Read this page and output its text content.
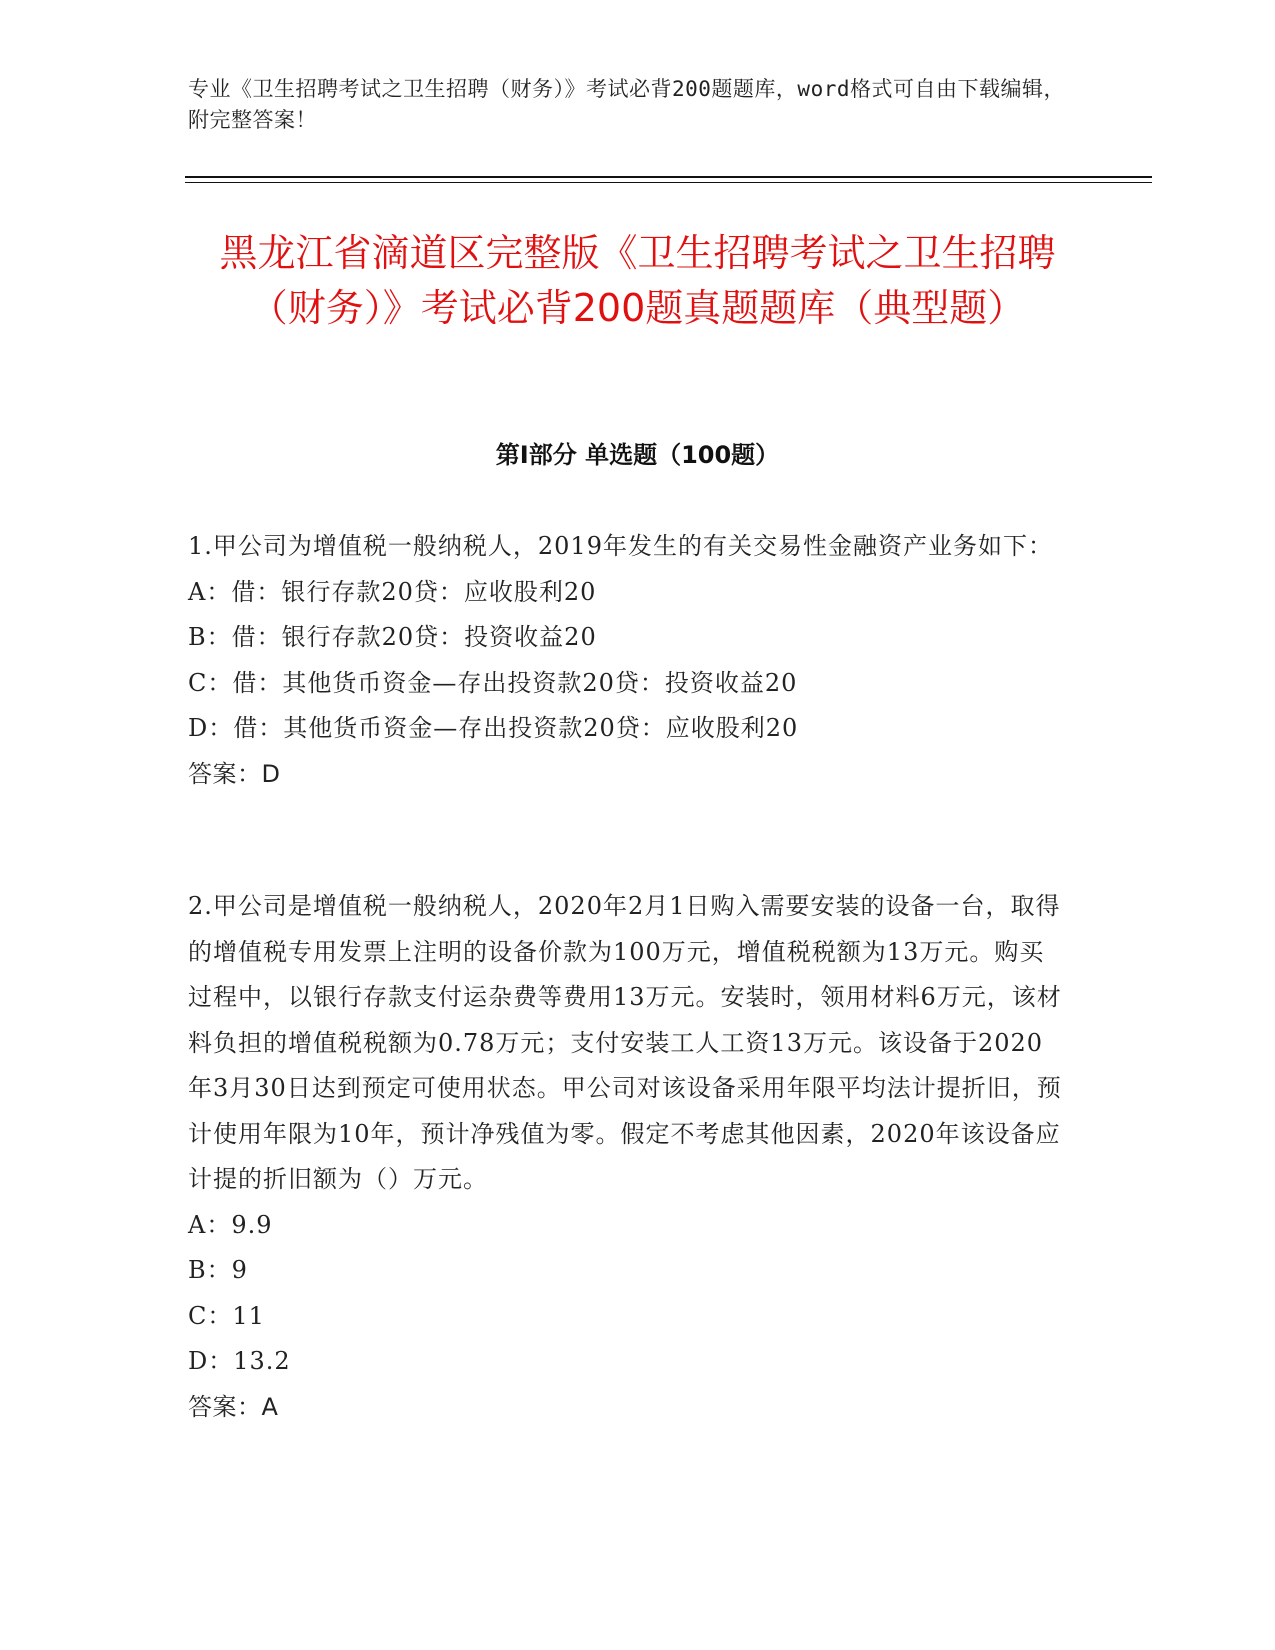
专业《卫生招聘考试之卫生招聘（财务）》考试必背200题题库，word格式可自由下载编辑，附完整答案！
黑龙江省滴道区完整版《卫生招聘考试之卫生招聘（财务）》考试必背200题真题题库（典型题）
第Ⅰ部分 单选题（100题）
1.甲公司为增值税一般纳税人，2019年发生的有关交易性金融资产业务如下：
A：借：银行存款20贷：应收股利20
B：借：银行存款20贷：投资收益20
C：借：其他货币资金—存出投资款20贷：投资收益20
D：借：其他货币资金—存出投资款20贷：应收股利20
答案：D
2.甲公司是增值税一般纳税人，2020年2月1日购入需要安装的设备一台，取得的增值税专用发票上注明的设备价款为100万元，增值税税额为13万元。购买过程中，以银行存款支付运杂费等费用13万元。安装时，领用材料6万元，该材料负担的增值税税额为0.78万元；支付安装工人工资13万元。该设备于2020年3月30日达到预定可使用状态。甲公司对该设备采用年限平均法计提折旧，预计使用年限为10年，预计净残值为零。假定不考虑其他因素，2020年该设备应计提的折旧额为（）万元。
A：9.9
B：9
C：11
D：13.2
答案：A
